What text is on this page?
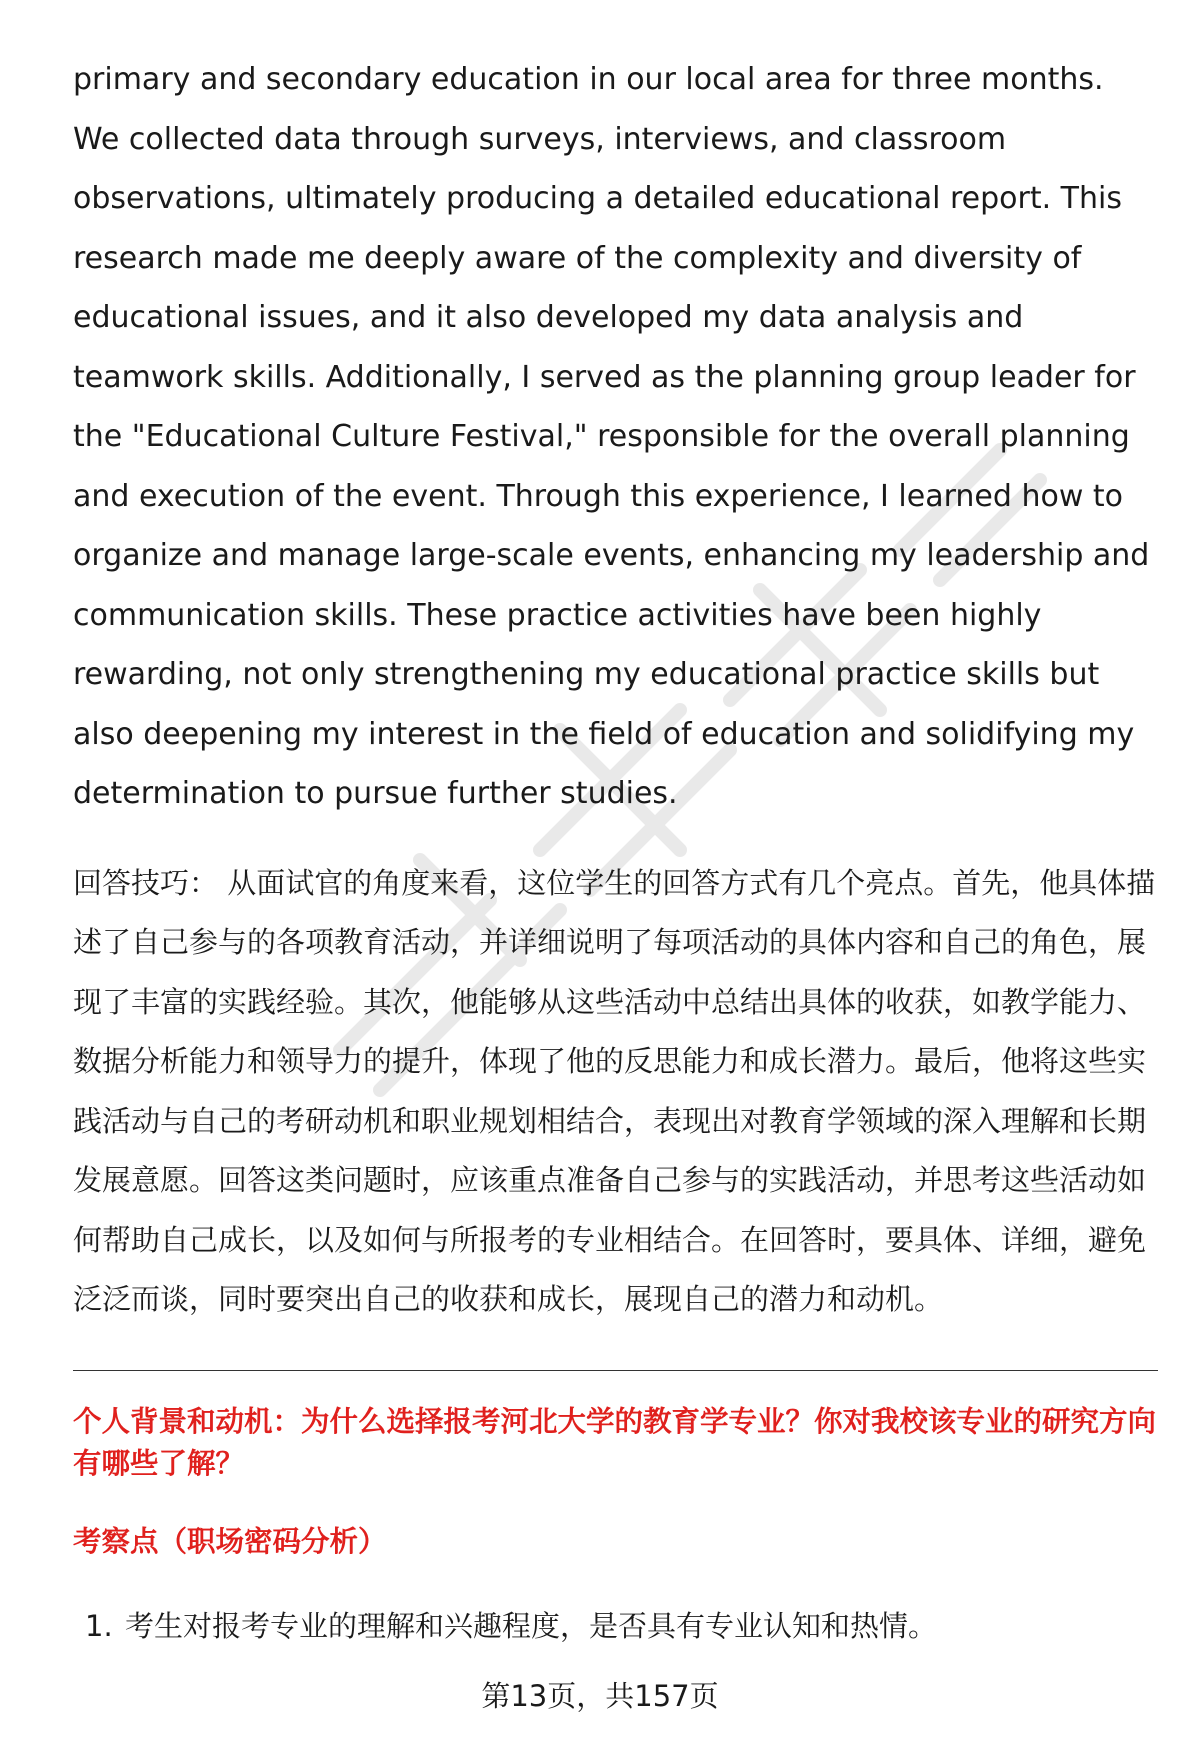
primary and secondary education in our local area for three months. We collected data through surveys, interviews, and classroom observations, ultimately producing a detailed educational report. This research made me deeply aware of the complexity and diversity of educational issues, and it also developed my data analysis and teamwork skills. Additionally, I served as the planning group leader for the "Educational Culture Festival," responsible for the overall planning and execution of the event. Through this experience, I learned how to organize and manage large-scale events, enhancing my leadership and communication skills. These practice activities have been highly rewarding, not only strengthening my educational practice skills but also deepening my interest in the field of education and solidifying my determination to pursue further studies.

回答技巧： 从面试官的角度来看，这位学生的回答方式有几个亮点。首先，他具体描述了自己参与的各项教育活动，并详细说明了每项活动的具体内容和自己的角色，展现了丰富的实践经验。其次，他能够从这些活动中总结出具体的收获，如教学能力、数据分析能力和领导力的提升，体现了他的反思能力和成长潜力。最后，他将这些实践活动与自己的考研动机和职业规划相结合，表现出对教育学领域的深入理解和长期发展意愿。回答这类问题时，应该重点准备自己参与的实践活动，并思考这些活动如何帮助自己成长，以及如何与所报考的专业相结合。在回答时，要具体、详细，避免泛泛而谈，同时要突出自己的收获和成长，展现自己的潜力和动机。

个人背景和动机：为什么选择报考河北大学的教育学专业？你对我校该专业的研究方向有哪些了解？
考察点（职场密码分析）
1. 考生对报考专业的理解和兴趣程度，是否具有专业认知和热情。
第13页，共157页
